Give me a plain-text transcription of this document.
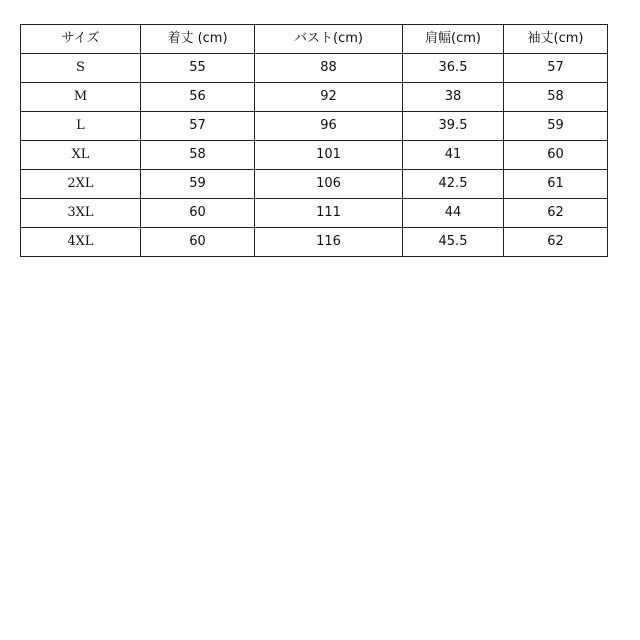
サイズ	着丈 (cm)	バスト(cm)	肩幅(cm)	袖丈(cm)
S	55	88	36.5	57
M	56	92	38	58
L	57	96	39.5	59
XL	58	101	41	60
2XL	59	106	42.5	61
3XL	60	111	44	62
4XL	60	116	45.5	62
